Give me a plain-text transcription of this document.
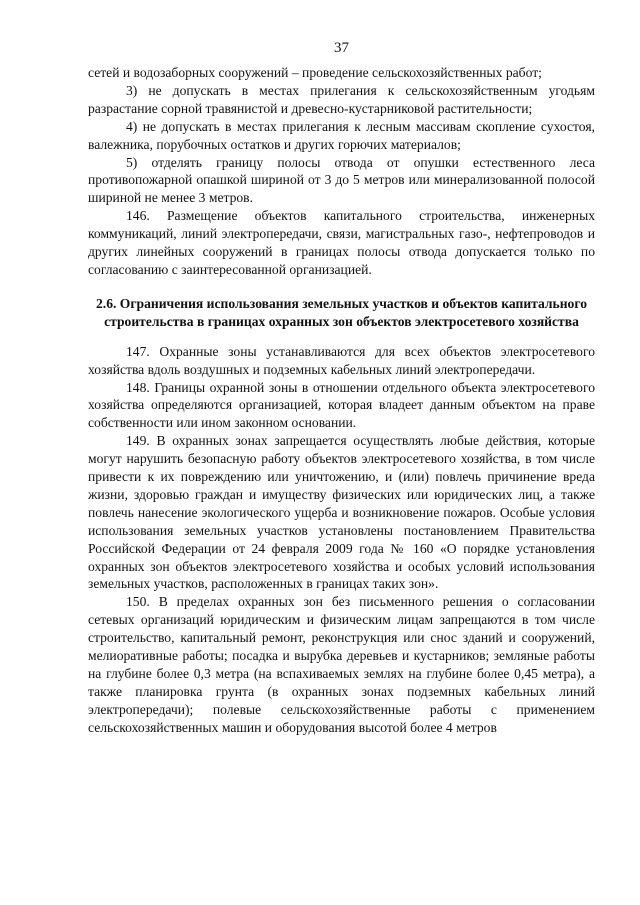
37

сетей и водозаборных сооружений – проведение сельскохозяйственных работ;

3) не допускать в местах прилегания к сельскохозяйственным угодьям разрастание сорной травянистой и древесно-кустарниковой растительности;

4) не допускать в местах прилегания к лесным массивам скопление сухостоя, валежника, порубочных остатков и других горючих материалов;

5) отделять границу полосы отвода от опушки естественного леса противопожарной опашкой шириной от 3 до 5 метров или минерализованной полосой шириной не менее 3 метров.

146. Размещение объектов капитального строительства, инженерных коммуникаций, линий электропередачи, связи, магистральных газо-, нефтепроводов и других линейных сооружений в границах полосы отвода допускается только по согласованию с заинтересованной организацией.

2.6. Ограничения использования земельных участков и объектов капитального строительства в границах охранных зон объектов электросетевого хозяйства

147. Охранные зоны устанавливаются для всех объектов электросетевого хозяйства вдоль воздушных и подземных кабельных линий электропередачи.

148. Границы охранной зоны в отношении отдельного объекта электросетевого хозяйства определяются организацией, которая владеет данным объектом на праве собственности или ином законном основании.

149. В охранных зонах запрещается осуществлять любые действия, которые могут нарушить безопасную работу объектов электросетевого хозяйства, в том числе привести к их повреждению или уничтожению, и (или) повлечь причинение вреда жизни, здоровью граждан и имуществу физических или юридических лиц, а также повлечь нанесение экологического ущерба и возникновение пожаров. Особые условия использования земельных участков установлены постановлением Правительства Российской Федерации от 24 февраля 2009 года № 160 «О порядке установления охранных зон объектов электросетевого хозяйства и особых условий использования земельных участков, расположенных в границах таких зон».

150. В пределах охранных зон без письменного решения о согласовании сетевых организаций юридическим и физическим лицам запрещаются в том числе строительство, капитальный ремонт, реконструкция или снос зданий и сооружений, мелиоративные работы; посадка и вырубка деревьев и кустарников; земляные работы на глубине более 0,3 метра (на вспахиваемых землях на глубине более 0,45 метра), а также планировка грунта (в охранных зонах подземных кабельных линий электропередачи); полевые сельскохозяйственные работы с применением сельскохозяйственных машин и оборудования высотой более 4 метров
